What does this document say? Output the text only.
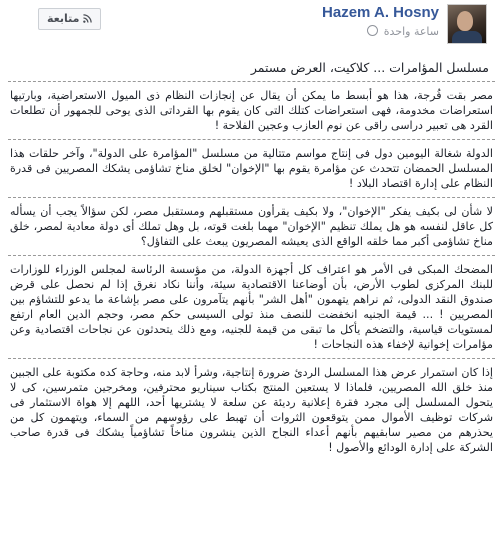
Hazem A. Hosny
ساعة واحدة
متابعة
مسلسل المؤامرات ... كلاكيت، العرض مستمر

مصر بقت فُرجة، هذا هو أبسط ما يمكن أن يقال عن إنجازات النظام ذى الميول الاستعراضية، وبارتيها استعراضات مخدومة، فهى استعراضات كتلك التى كان يقوم بها القرداتى الذى يوحى للجمهور أن تطلعات القرد هى تعبير دراسى راقى عن نوم العازب وعجين الفلاحة !

الدولة شغالة اليومين دول فى إنتاج مواسم متتالية من مسلسل "المؤامرة على الدولة"، وآخر حلقات هذا المسلسل الحمضان تتحدث عن مؤامرة يقوم بها "الإخوان" لخلق مناخ تشاؤمى يشكك المصريين فى قدرة النظام على إدارة اقتصاد البلاد !

لا شأن لى بكيف يفكر "الإخوان"، ولا بكيف يقرأون مستقبلهم ومستقبل مصر، لكن سؤالاً يجب أن يسأله كل عاقل لنفسه هو هل يملك تنظيم "الإخوان" مهما بلغت قوته، بل وهل تملك أى دولة معادية لمصر، خلق مناخ تشاؤمى أكبر مما خلقه الواقع الذى يعيشه المصريون يبعث على التفاؤل؟

المضحك المبكى فى الأمر هو اعتراف كل أجهزة الدولة، من مؤسسة الرئاسة لمجلس الوزراء للوزارات للبنك المركزى لطوب الأرض، بأن أوضاعنا الاقتصادية سيئة، وأننا نكاد نغرق إذا لم نحصل على قرض صندوق النقد الدولى، ثم نراهم يتهمون "أهل الشر" بأنهم يتآمرون على مصر بإشاعة ما يدعو للتشاؤم بين المصريين ! ... قيمة الجنيه انخفضت للنصف منذ تولى السيسى حكم مصر، وحجم الدين العام ارتفع لمستويات قياسية، والتضخم يأكل ما تبقى من قيمة للجنيه، ومع ذلك يتحدثون عن نجاحات اقتصادية وعن مؤامرات إخوانية لإخفاء هذه النجاحات !

إذا كان استمرار عرض هذا المسلسل الردئ ضرورة إنتاجية، وشرأ لابد منه، وحاجة كده مكتوبة على الجبين منذ خلق الله المصريين، فلماذا لا يستعين المنتج بكتاب سيناريو محترفين، ومخرجين متمرسين، كى لا يتحول المسلسل إلى مجرد فقرة إعلانية رديئة عن سلعة لا يشتريها أحد، اللهم إلا هواة الاستثمار فى شركات توظيف الأموال ممن يتوقعون الثروات أن تهبط على رؤوسهم من السماء، ويتهمون كل من يحذرهم من مصير سابقيهم بأنهم أعداء النجاح الذين ينشرون مناخاً تشاؤمياً يشكك فى قدرة صاحب الشركة على إدارة الودائع والأصول !
